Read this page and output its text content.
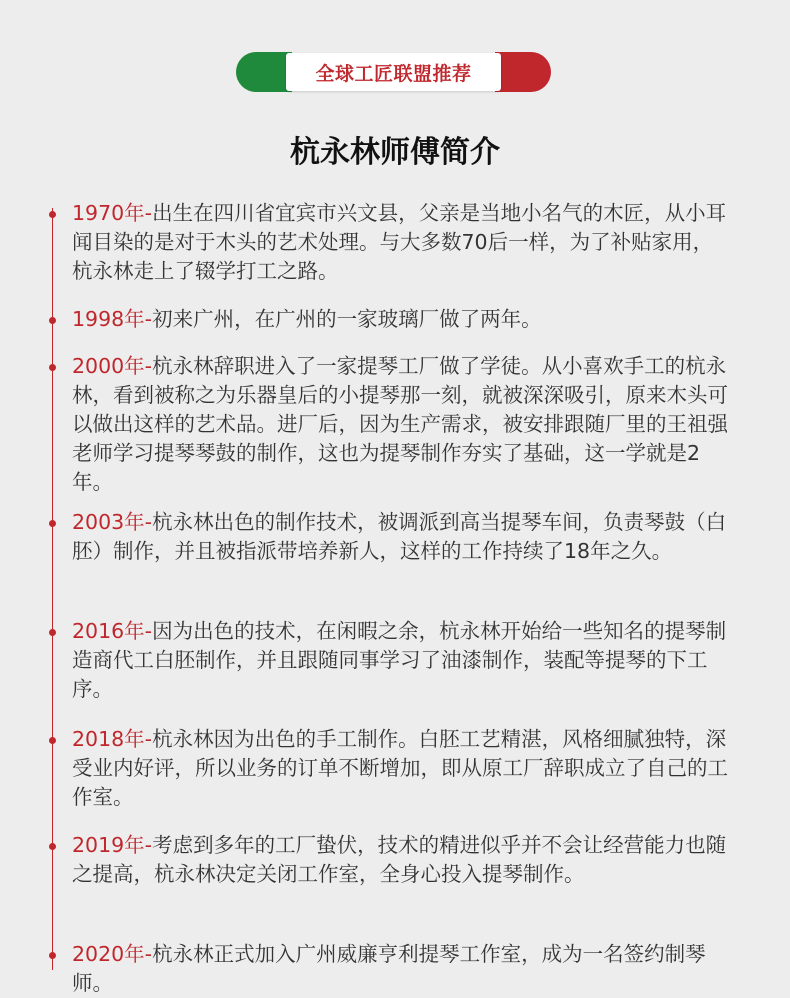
全球工匠联盟推荐
杭永林师傅简介
1970年-出生在四川省宜宾市兴文县，父亲是当地小名气的木匠，从小耳闻目染的是对于木头的艺术处理。与大多数70后一样，为了补贴家用，杭永林走上了辍学打工之路。
1998年-初来广州，在广州的一家玻璃厂做了两年。
2000年-杭永林辞职进入了一家提琴工厂做了学徒。从小喜欢手工的杭永林，看到被称之为乐器皇后的小提琴那一刻，就被深深吸引，原来木头可以做出这样的艺术品。进厂后，因为生产需求，被安排跟随厂里的王祖强老师学习提琴琴鼓的制作，这也为提琴制作夯实了基础，这一学就是2年。
2003年-杭永林出色的制作技术，被调派到高当提琴车间，负责琴鼓（白胚）制作，并且被指派带培养新人，这样的工作持续了18年之久。
2016年-因为出色的技术，在闲暇之余，杭永林开始给一些知名的提琴制造商代工白胚制作，并且跟随同事学习了油漆制作，装配等提琴的下工序。
2018年-杭永林因为出色的手工制作。白胚工艺精湛，风格细腻独特，深受业内好评，所以业务的订单不断增加，即从原工厂辞职成立了自己的工作室。
2019年-考虑到多年的工厂蛰伏，技术的精进似乎并不会让经营能力也随之提高，杭永林决定关闭工作室，全身心投入提琴制作。
2020年-杭永林正式加入广州威廉亨利提琴工作室，成为一名签约制琴师。
